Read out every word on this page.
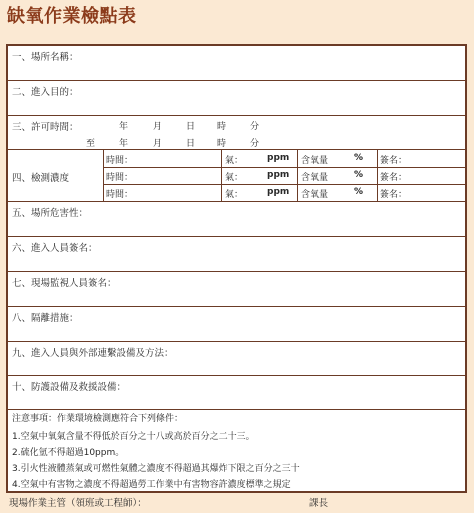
缺氧作業檢點表
一、場所名稱：
二、進入目的：
三、許可時間：	年	月	日 時	分
至	年	月	日 時	分
四、檢測濃度
時間：	氣：	ppm 含氧量	% 簽名：
時間：	氣：	ppm 含氧量	% 簽名：
時間：	氣：	ppm 含氧量	% 簽名：
五、場所危害性：
六、進入人員簽名：
七、現場監視人員簽名：
八、隔離措施：
九、進入人員與外部連繫設備及方法：
十、防護設備及救援設備：
注意事項：作業環境檢測應符合下列條件：
1.空氣中氧氣含量不得低於百分之十八或高於百分之二十三。
2.硫化氫不得超過10ppm。
3.引火性液體蒸氣或可燃性氣體之濃度不得超過其爆炸下限之百分之三十
4.空氣中有害物之濃度不得超過勞工作業中有害物容許濃度標準之規定
現場作業主管（領班或工程師）：	課長
